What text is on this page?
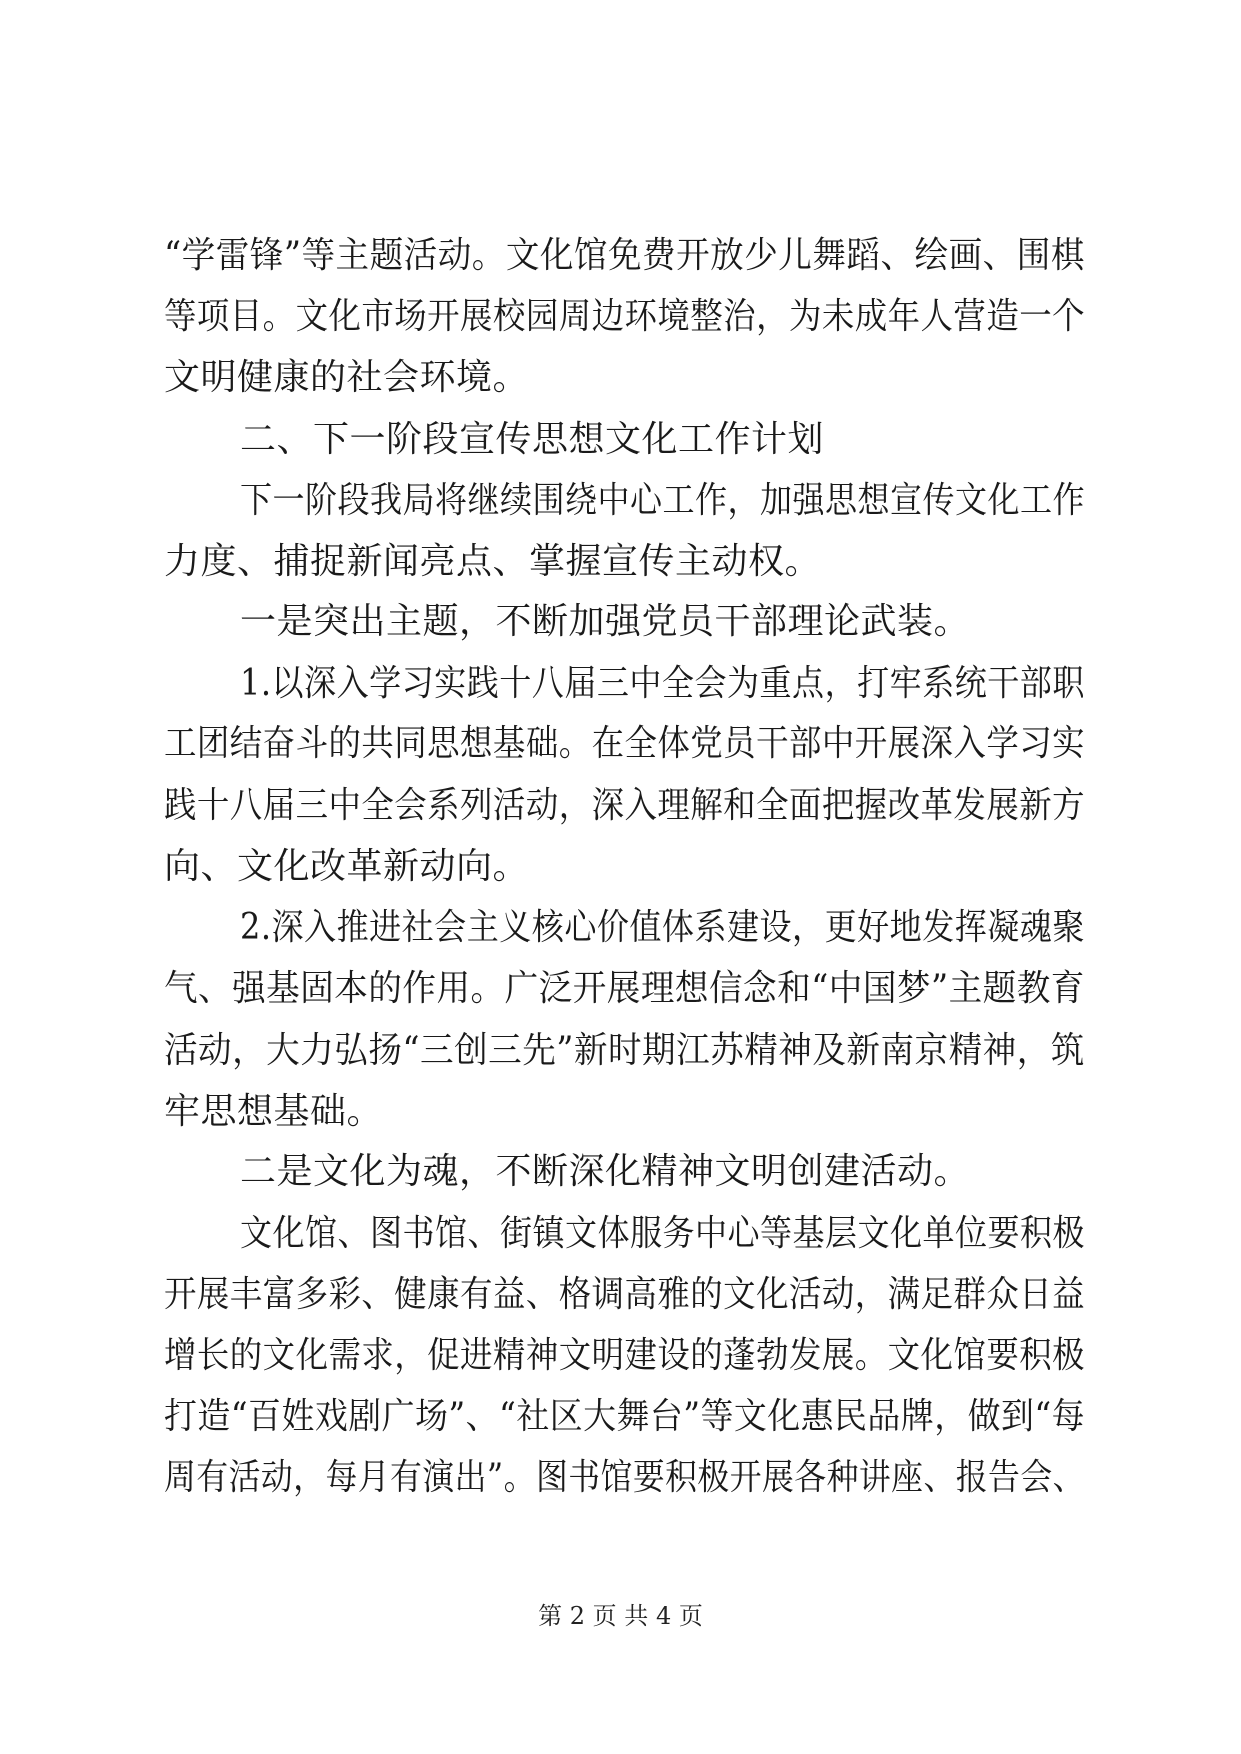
“学雷锋”等主题活动。文化馆免费开放少儿舞蹈、绘画、围棋
等项目。文化市场开展校园周边环境整治，为未成年人营造一个
文明健康的社会环境。
二、下一阶段宣传思想文化工作计划
下一阶段我局将继续围绕中心工作，加强思想宣传文化工作
力度、捕捉新闻亮点、掌握宣传主动权。
一是突出主题，不断加强党员干部理论武装。
1.以深入学习实践十八届三中全会为重点，打牢系统干部职
工团结奋斗的共同思想基础。在全体党员干部中开展深入学习实
践十八届三中全会系列活动，深入理解和全面把握改革发展新方
向、文化改革新动向。
2.深入推进社会主义核心价值体系建设，更好地发挥凝魂聚
气、强基固本的作用。广泛开展理想信念和“中国梦”主题教育
活动，大力弘扬“三创三先”新时期江苏精神及新南京精神，筑
牢思想基础。
二是文化为魂，不断深化精神文明创建活动。
文化馆、图书馆、街镇文体服务中心等基层文化单位要积极
开展丰富多彩、健康有益、格调高雅的文化活动，满足群众日益
增长的文化需求，促进精神文明建设的蓬勃发展。文化馆要积极
打造“百姓戏剧广场”、“社区大舞台”等文化惠民品牌，做到“每
周有活动，每月有演出”。图书馆要积极开展各种讲座、报告会、
第 2 页 共 4 页
